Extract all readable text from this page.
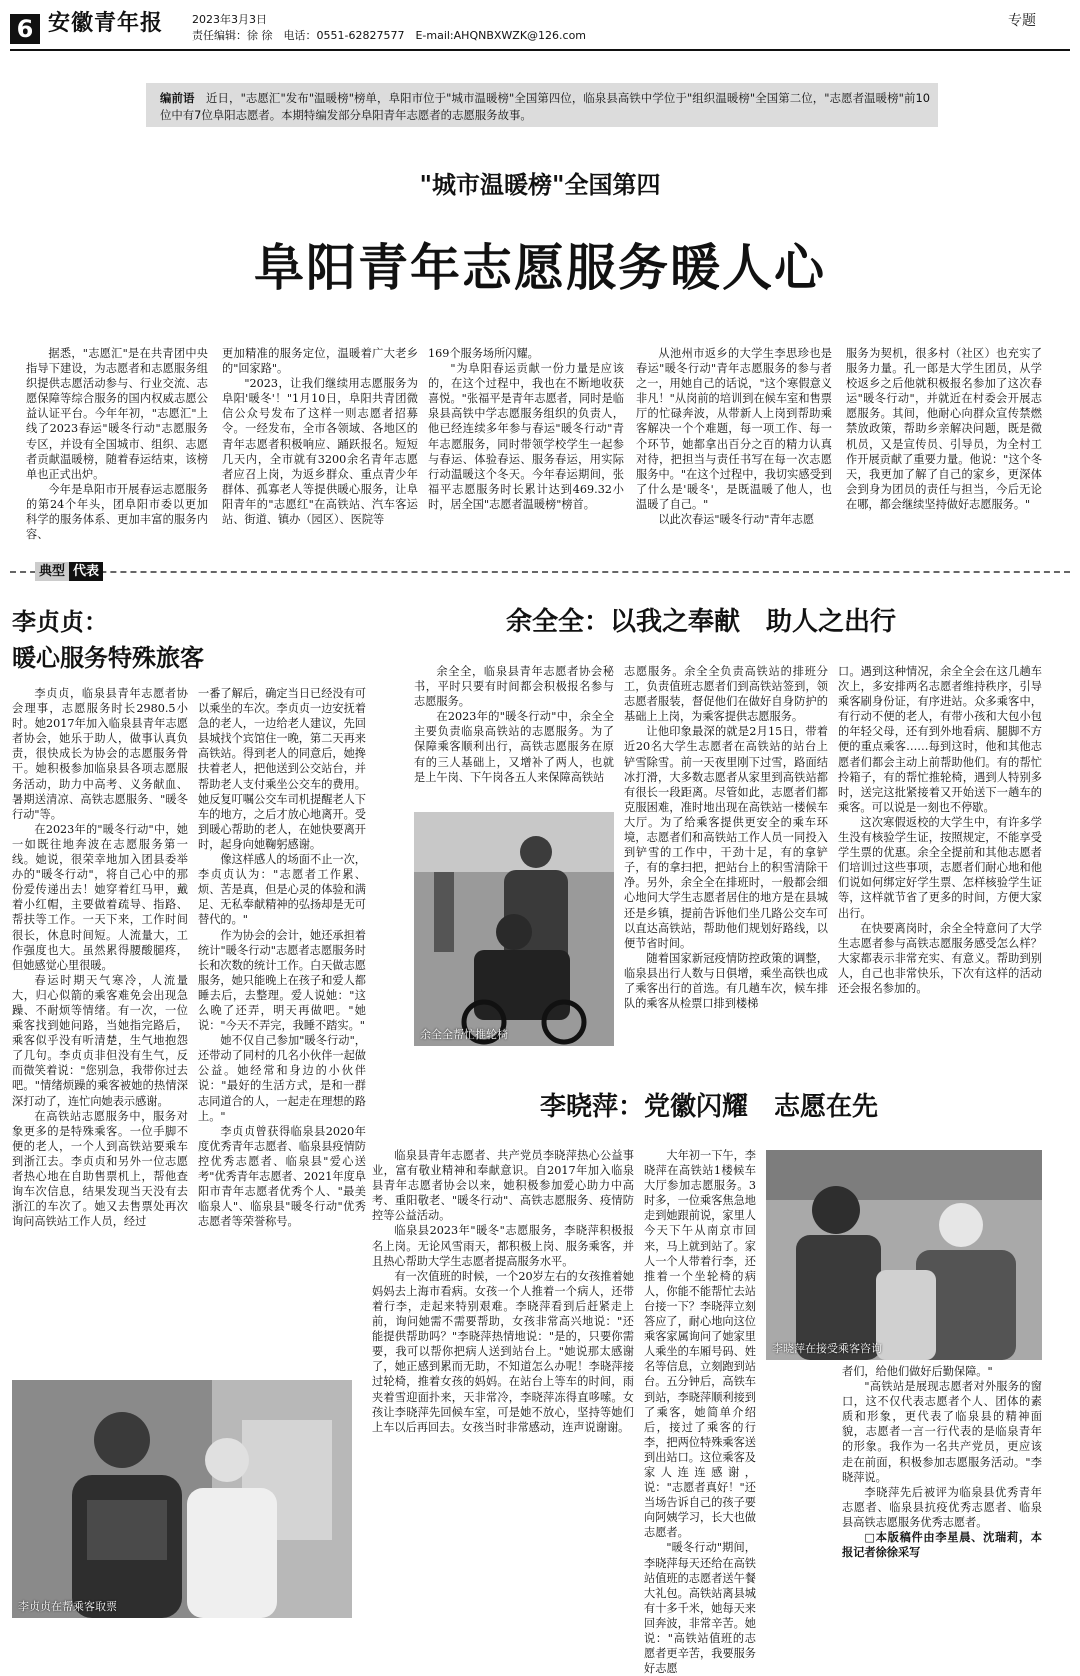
6 安徽青年报	2023年3月3日
责任编辑：徐 徐　电话：0551-62827577　E-mail:AHQNBXWZK@126.com
专题
编前语　 近日，"志愿汇"发布"温暖榜"榜单，阜阳市位于"城市温暖榜"全国第四位，临泉县高铁中学位于"组织温暖榜"全国第二位，"志愿者温暖榜"前10位中有7位阜阳志愿者。本期特编发部分阜阳青年志愿者的志愿服务故事。
"城市温暖榜"全国第四
阜阳青年志愿服务暖人心

据悉，"志愿汇"是在共青团中央指导下建设，为志愿者和志愿服务组织提供志愿活动参与、行业交流、志愿保障等综合服务的国内权威志愿公益认证平台。今年年初，"志愿汇"上线了2023春运"暖冬行动"志愿服务专区，并设有全国城市、组织、志愿者贡献温暖榜，随着春运结束，该榜单也正式出炉。

今年是阜阳市开展春运志愿服务的第24个年头，团阜阳市委以更加科学的服务体系、更加丰富的服务内容、

更加精准的服务定位，温暖着广大老乡的"回家路"。

"2023，让我们继续用志愿服务为阜阳'暖冬'！"1月10日，阜阳共青团微信公众号发布了这样一则志愿者招募令。一经发布，全市各领域、各地区的青年志愿者积极响应、踊跃报名。短短几天内，全市就有3200余名青年志愿者应召上岗，为返乡群众、重点青少年群体、孤寡老人等提供暖心服务，让阜阳青年的"志愿红"在高铁站、汽车客运站、街道、镇办（园区）、医院等

169个服务场所闪耀。

"为阜阳春运贡献一份力量是应该的，在这个过程中，我也在不断地收获喜悦。"张福平是青年志愿者，同时是临泉县高铁中学志愿服务组织的负责人，他已经连续多年参与春运"暖冬行动"青年志愿服务，同时带领学校学生一起参与春运、体验春运、服务春运，用实际行动温暖这个冬天。今年春运期间，张福平志愿服务时长累计达到469.32小时，居全国"志愿者温暖榜"榜首。

从池州市返乡的大学生李思珍也是春运"暖冬行动"青年志愿服务的参与者之一，用她自己的话说，"这个寒假意义非凡！"从岗前的培训到在候车室和售票厅的忙碌奔波，从带新人上岗到帮助乘客解决一个个难题，每一项工作、每一个环节，她都拿出百分之百的精力认真对待，把担当与责任书写在每一次志愿服务中。"在这个过程中，我切实感受到了什么是'暖冬'，是既温暖了他人，也温暖了自己。"

以此次春运"暖冬行动"青年志愿

服务为契机，很多村（社区）也充实了服务力量。孔一郎是大学生团员，从学校返乡之后他就积极报名参加了这次春运"暖冬行动"，并就近在村委会开展志愿服务。其间，他耐心向群众宣传禁燃禁放政策，帮助乡亲解决问题，既是微机员，又是宣传员、引导员，为全村工作开展贡献了重要力量。他说："这个冬天，我更加了解了自己的家乡，更深体会到身为团员的责任与担当，今后无论在哪，都会继续坚持做好志愿服务。"

典型 代表
李贞贞：
暖心服务特殊旅客

李贞贞，临泉县青年志愿者协会理事，志愿服务时长2980.5小时。她2017年加入临泉县青年志愿者协会，她乐于助人，做事认真负责，很快成长为协会的志愿服务骨干。她积极参加临泉县各项志愿服务活动，助力中高考、义务献血、暑期送清凉、高铁志愿服务、"暖冬行动"等。

在2023年的"暖冬行动"中，她一如既往地奔波在志愿服务第一线。她说，很荣幸地加入团县委举办的"暖冬行动"，将自己心中的那份爱传递出去！她穿着红马甲，戴着小红帽，主要做着疏导、指路、帮扶等工作。一天下来，工作时间很长，休息时间短。人流量大，工作强度也大。虽然累得腰酸腿疼，但她感觉心里很暖。

春运时期天气寒冷，人流量大，归心似箭的乘客难免会出现急躁、不耐烦等情绪。有一次，一位乘客找到她问路，当她指完路后，乘客似乎没有听清楚，生气地抱怨了几句。李贞贞非但没有生气，反而微笑着说："您别急，我带你过去吧。"情绪烦躁的乘客被她的热情深深打动了，连忙向她表示感谢。

在高铁站志愿服务中，服务对象更多的是特殊乘客。一位手脚不便的老人，一个人到高铁站要乘车到浙江去。李贞贞和另外一位志愿者热心地在自助售票机上，帮他查询车次信息，结果发现当天没有去浙江的车次了。她又去售票处再次询问高铁站工作人员，经过

一番了解后，确定当日已经没有可以乘坐的车次。李贞贞一边安抚着急的老人，一边给老人建议，先回县城找个宾馆住一晚，第二天再来高铁站。得到老人的同意后，她搀扶着老人，把他送到公交站台，并帮助老人支付乘坐公交车的费用。她反复叮嘱公交车司机提醒老人下车的地方，之后才放心地离开。受到暖心帮助的老人，在她快要离开时，起身向她鞠躬感谢。

像这样感人的场面不止一次，李贞贞认为："志愿者工作累、烦、苦是真，但是心灵的体验和满足、无私奉献精神的弘扬却是无可替代的。"

作为协会的会计，她还承担着统计"暖冬行动"志愿者志愿服务时长和次数的统计工作。白天做志愿服务，她只能晚上在孩子和爱人都睡去后，去整理。爱人说她："这么晚了还弄，明天再做吧。"她说："今天不弄完，我睡不踏实。"

她不仅自己参加"暖冬行动"，还带动了同村的几名小伙伴一起做公益。她经常和身边的小伙伴说："最好的生活方式，是和一群志同道合的人，一起走在理想的路上。"

李贞贞曾获得临泉县2020年度优秀青年志愿者、临泉县疫情防控优秀志愿者、临泉县"爱心送考"优秀青年志愿者、2021年度阜阳市青年志愿者优秀个人、"最美临泉人"、临泉县"暖冬行动"优秀志愿者等荣誉称号。

李贞贞在帮乘客取票
余全全：以我之奉献　助人之出行

余全全，临泉县青年志愿者协会秘书，平时只要有时间都会积极报名参与志愿服务。

在2023年的"暖冬行动"中，余全全主要负责临泉高铁站的志愿服务。为了保障乘客顺利出行，高铁志愿服务在原有的三人基础上，又增补了两人，也就是上午岗、下午岗各五人来保障高铁站

余全全帮忙推轮椅

志愿服务。余全全负责高铁站的排班分工，负责值班志愿者们到高铁站签到，领志愿者服装，督促他们在做好自身防护的基础上上岗，为乘客提供志愿服务。

让他印象最深的就是2月15日，带着近20名大学生志愿者在高铁站的站台上铲雪除雪。前一天夜里刚下过雪，路面结冰打滑，大多数志愿者从家里到高铁站都有很长一段距离。尽管如此，志愿者们都克服困难，准时地出现在高铁站一楼候车大厅。为了给乘客提供更安全的乘车环境，志愿者们和高铁站工作人员一同投入到铲雪的工作中，干劲十足，有的拿铲子，有的拿扫把，把站台上的积雪清除干净。另外，余全全在排班时，一般都会细心地问大学生志愿者居住的地方是在县城还是乡镇，提前告诉他们坐几路公交车可以直达高铁站，帮助他们规划好路线，以便节省时间。

随着国家新冠疫情防控政策的调整，临泉县出行人数与日俱增，乘坐高铁也成了乘客出行的首选。有几趟车次，候车排队的乘客从检票口排到楼梯

口。遇到这种情况，余全全会在这几趟车次上，多安排两名志愿者维持秩序，引导乘客刷身份证，有序进站。众多乘客中，有行动不便的老人，有带小孩和大包小包的年轻父母，还有到外地看病、腿脚不方便的重点乘客……每到这时，他和其他志愿者们都会主动上前帮助他们。有的帮忙拎箱子，有的帮忙推轮椅，遇到人特别多时，送完这批紧接着又开始送下一趟车的乘客。可以说是一刻也不停歇。

这次寒假返校的大学生中，有许多学生没有核验学生证，按照规定，不能享受学生票的优惠。余全全提前和其他志愿者们培训过这些事项，志愿者们耐心地和他们说如何绑定好学生票、怎样核验学生证等，这样就节省了更多的时间，方便大家出行。

在快要离岗时，余全全特意问了大学生志愿者参与高铁志愿服务感受怎么样？大家都表示非常充实、有意义。帮助到别人，自己也非常快乐，下次有这样的活动还会报名参加的。

李晓萍：党徽闪耀　志愿在先

临泉县青年志愿者、共产党员李晓萍热心公益事业，富有敬业精神和奉献意识。自2017年加入临泉县青年志愿者协会以来，她积极参加爱心助力中高考、重阳敬老、"暖冬行动"、高铁志愿服务、疫情防控等公益活动。

临泉县2023年"暖冬"志愿服务，李晓萍积极报名上岗。无论风雪雨天，都积极上岗、服务乘客，并且热心帮助大学生志愿者提高服务水平。

有一次值班的时候，一个20岁左右的女孩推着她妈妈去上海市看病。女孩一个人推着一个病人，还带着行李，走起来特别艰难。李晓萍看到后赶紧走上前，询问她需不需要帮助，女孩非常高兴地说："还能提供帮助吗？"李晓萍热情地说："是的，只要你需要，我可以帮你把病人送到站台上。"她说那太感谢了，她正感到累而无助，不知道怎么办呢！李晓萍接过轮椅，推着女孩的妈妈。在站台上等车的时间，雨夹着雪迎面扑来，天非常冷，李晓萍冻得直哆嗦。女孩让李晓萍先回候车室，可是她不放心，坚持等她们上车以后再回去。女孩当时非常感动，连声说谢谢。

大年初一下午，李晓萍在高铁站1楼候车大厅参加志愿服务。3时多，一位乘客焦急地走到她跟前说，家里人今天下午从南京市回来，马上就到站了。家人一个人带着行李，还推着一个坐轮椅的病人，你能不能帮忙去站台接一下？李晓萍立刻答应了，耐心地向这位乘客家属询问了她家里人乘坐的车厢号码、姓名等信息，立刻跑到站台。五分钟后，高铁车到站，李晓萍顺利接到了乘客，她简单介绍后，接过了乘客的行李，把两位特殊乘客送到出站口。这位乘客及家人连连感谢，说："志愿者真好！"还当场告诉自己的孩子要向阿姨学习，长大也做志愿者。

"暖冬行动"期间，李晓萍每天还给在高铁站值班的志愿者送午餐大礼包。高铁站离县城有十多千米，她每天来回奔波，非常辛苦。她说："高铁站值班的志愿者更辛苦，我要服务好志愿

李晓萍在接受乘客咨询

者们，给他们做好后勤保障。"

"高铁站是展现志愿者对外服务的窗口，这不仅代表志愿者个人、团体的素质和形象，更代表了临泉县的精神面貌，志愿者一言一行代表的是临泉青年的形象。我作为一名共产党员，更应该走在前面，积极参加志愿服务活动。"李晓萍说。

李晓萍先后被评为临泉县优秀青年志愿者、临泉县抗疫优秀志愿者、临泉县高铁志愿服务优秀志愿者。

□本版稿件由李星晨、沈瑞莉，本报记者徐徐采写
